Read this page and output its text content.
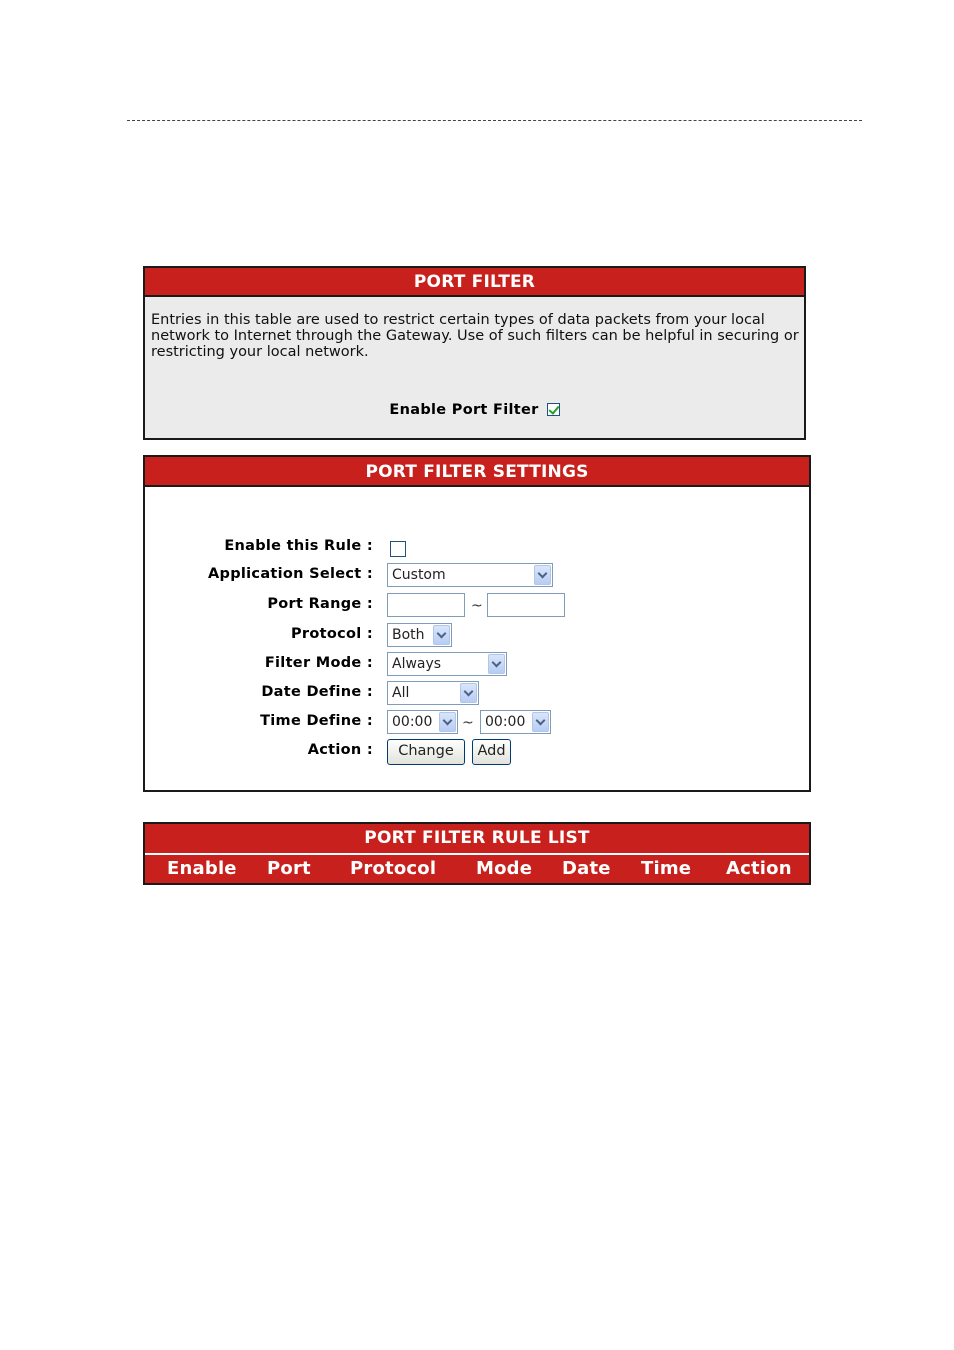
PORT FILTER
Entries in this table are used to restrict certain types of data packets from your local network to Internet through the Gateway. Use of such filters can be helpful in securing or restricting your local network.
Enable Port Filter
PORT FILTER SETTINGS
Enable this Rule :
Application Select : Custom
Port Range :	~
Protocol : Both
Filter Mode : Always
Date Define : All
Time Define : 00:00 ~ 00:00
Action :	Change	Add
PORT FILTER RULE LIST
Enable Port Protocol Mode Date Time Action
